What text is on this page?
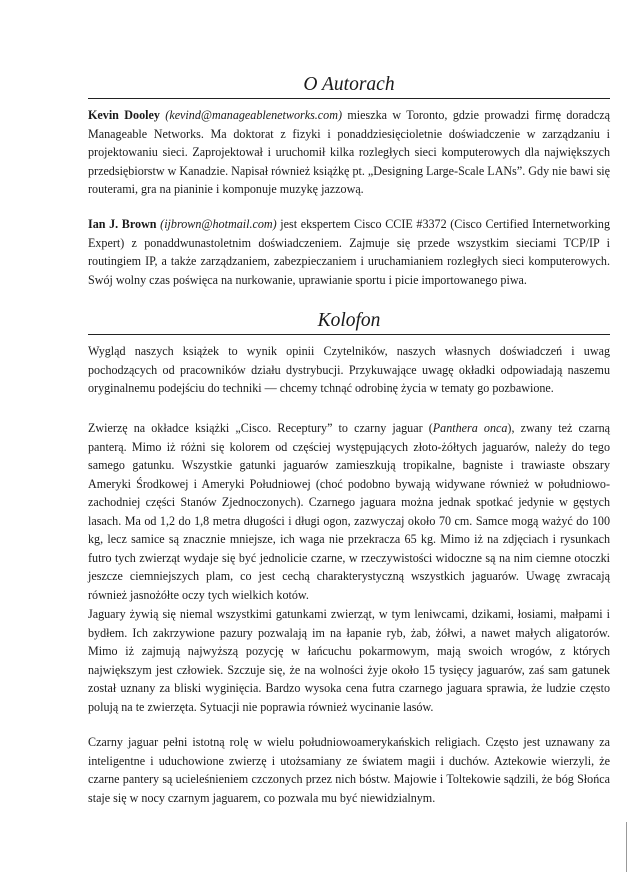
O Autorach

Kevin Dooley (kevind@manageablenetworks.com) mieszka w Toronto, gdzie prowadzi firmę doradczą Manageable Networks. Ma doktorat z fizyki i ponaddziesięcioletnie doświadczenie w zarządzaniu i projektowaniu sieci. Zaprojektował i uruchomił kilka rozległych sieci komputerowych dla największych przedsiębiorstw w Kanadzie. Napisał również książkę pt. „Designing Large-Scale LANs”. Gdy nie bawi się routerami, gra na pianinie i komponuje muzykę jazzową.

Ian J. Brown (ijbrown@hotmail.com) jest ekspertem Cisco CCIE #3372 (Cisco Certified Internetworking Expert) z ponaddwunastoletnim doświadczeniem. Zajmuje się przede wszystkim sieciami TCP/IP i routingiem IP, a także zarządzaniem, zabezpieczaniem i uruchamianiem rozległych sieci komputerowych. Swój wolny czas poświęca na nurkowanie, uprawianie sportu i picie importowanego piwa.

Kolofon

Wygląd naszych książek to wynik opinii Czytelników, naszych własnych doświadczeń i uwag pochodzących od pracowników działu dystrybucji. Przykuwające uwagę okładki odpowiadają naszemu oryginalnemu podejściu do techniki — chcemy tchnąć odrobinę życia w tematy go pozbawione.

Zwierzę na okładce książki „Cisco. Receptury” to czarny jaguar (Panthera onca), zwany też czarną panterą. Mimo iż różni się kolorem od częściej występujących złoto-żółtych jaguarów, należy do tego samego gatunku. Wszystkie gatunki jaguarów zamieszkują tropikalne, bagniste i trawiaste obszary Ameryki Środkowej i Ameryki Południowej (choć podobno bywają widywane również w południowo-zachodniej części Stanów Zjednoczonych). Czarnego jaguara można jednak spotkać jedynie w gęstych lasach. Ma od 1,2 do 1,8 metra długości i długi ogon, zazwyczaj około 70 cm. Samce mogą ważyć do 100 kg, lecz samice są znacznie mniejsze, ich waga nie przekracza 65 kg. Mimo iż na zdjęciach i rysunkach futro tych zwierząt wydaje się być jednolicie czarne, w rzeczywistości widoczne są na nim ciemne otoczki jeszcze ciemniejszych plam, co jest cechą charakterystyczną wszystkich jaguarów. Uwagę zwracają również jasnożółte oczy tych wielkich kotów.

Jaguary żywią się niemal wszystkimi gatunkami zwierząt, w tym leniwcami, dzikami, łosiami, małpami i bydłem. Ich zakrzywione pazury pozwalają im na łapanie ryb, żab, żółwi, a nawet małych aligatorów. Mimo iż zajmują najwyższą pozycję w łańcuchu pokarmowym, mają swoich wrogów, z których największym jest człowiek. Szczuje się, że na wolności żyje około 15 tysięcy jaguarów, zaś sam gatunek został uznany za bliski wyginięcia. Bardzo wysoka cena futra czarnego jaguara sprawia, że ludzie często polują na te zwierzęta. Sytuacji nie poprawia również wycinanie lasów.

Czarny jaguar pełni istotną rolę w wielu południowoamerykańskich religiach. Często jest uznawany za inteligentne i uduchowione zwierzę i utożsamiany ze światem magii i duchów. Aztekowie wierzyli, że czarne pantery są ucieleśnieniem czczonych przez nich bóstw. Majowie i Toltekowie sądzili, że bóg Słońca staje się w nocy czarnym jaguarem, co pozwala mu być niewidzialnym.
